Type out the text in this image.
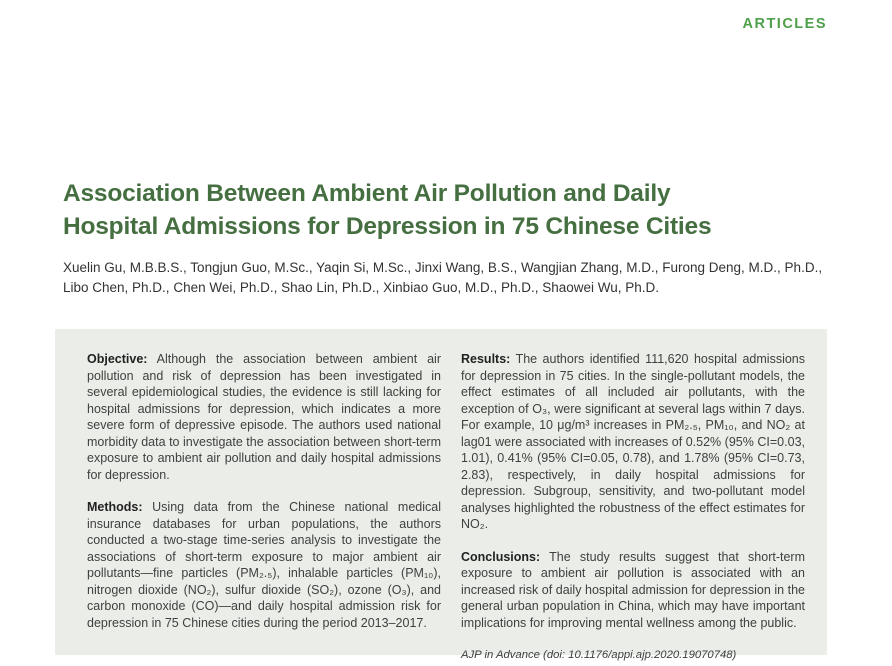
ARTICLES
Association Between Ambient Air Pollution and Daily
Hospital Admissions for Depression in 75 Chinese Cities

Xuelin Gu, M.B.B.S., Tongjun Guo, M.Sc., Yaqin Si, M.Sc., Jinxi Wang, B.S., Wangjian Zhang, M.D., Furong Deng, M.D., Ph.D.,
Libo Chen, Ph.D., Chen Wei, Ph.D., Shao Lin, Ph.D., Xinbiao Guo, M.D., Ph.D., Shaowei Wu, Ph.D.

Objective: Although the association between ambient air pollution and risk of depression has been investigated in several epidemiological studies, the evidence is still lacking for hospital admissions for depression, which indicates a more severe form of depressive episode. The authors used national morbidity data to investigate the association between short-term exposure to ambient air pollution and daily hospital admissions for depression.

Methods: Using data from the Chinese national medical insurance databases for urban populations, the authors conducted a two-stage time-series analysis to investigate the associations of short-term exposure to major ambient air pollutants—fine particles (PM₂.₅), inhalable particles (PM₁₀), nitrogen dioxide (NO₂), sulfur dioxide (SO₂), ozone (O₃), and carbon monoxide (CO)—and daily hospital admission risk for depression in 75 Chinese cities during the period 2013–2017.

Results: The authors identified 111,620 hospital admissions for depression in 75 cities. In the single-pollutant models, the effect estimates of all included air pollutants, with the exception of O₃, were significant at several lags within 7 days. For example, 10 μg/m³ increases in PM₂.₅, PM₁₀, and NO₂ at lag01 were associated with increases of 0.52% (95% CI=0.03, 1.01), 0.41% (95% CI=0.05, 0.78), and 1.78% (95% CI=0.73, 2.83), respectively, in daily hospital admissions for depression. Subgroup, sensitivity, and two-pollutant model analyses highlighted the robustness of the effect estimates for NO₂.

Conclusions: The study results suggest that short-term exposure to ambient air pollution is associated with an increased risk of daily hospital admission for depression in the general urban population in China, which may have important implications for improving mental wellness among the public.

AJP in Advance (doi: 10.1176/appi.ajp.2020.19070748)
